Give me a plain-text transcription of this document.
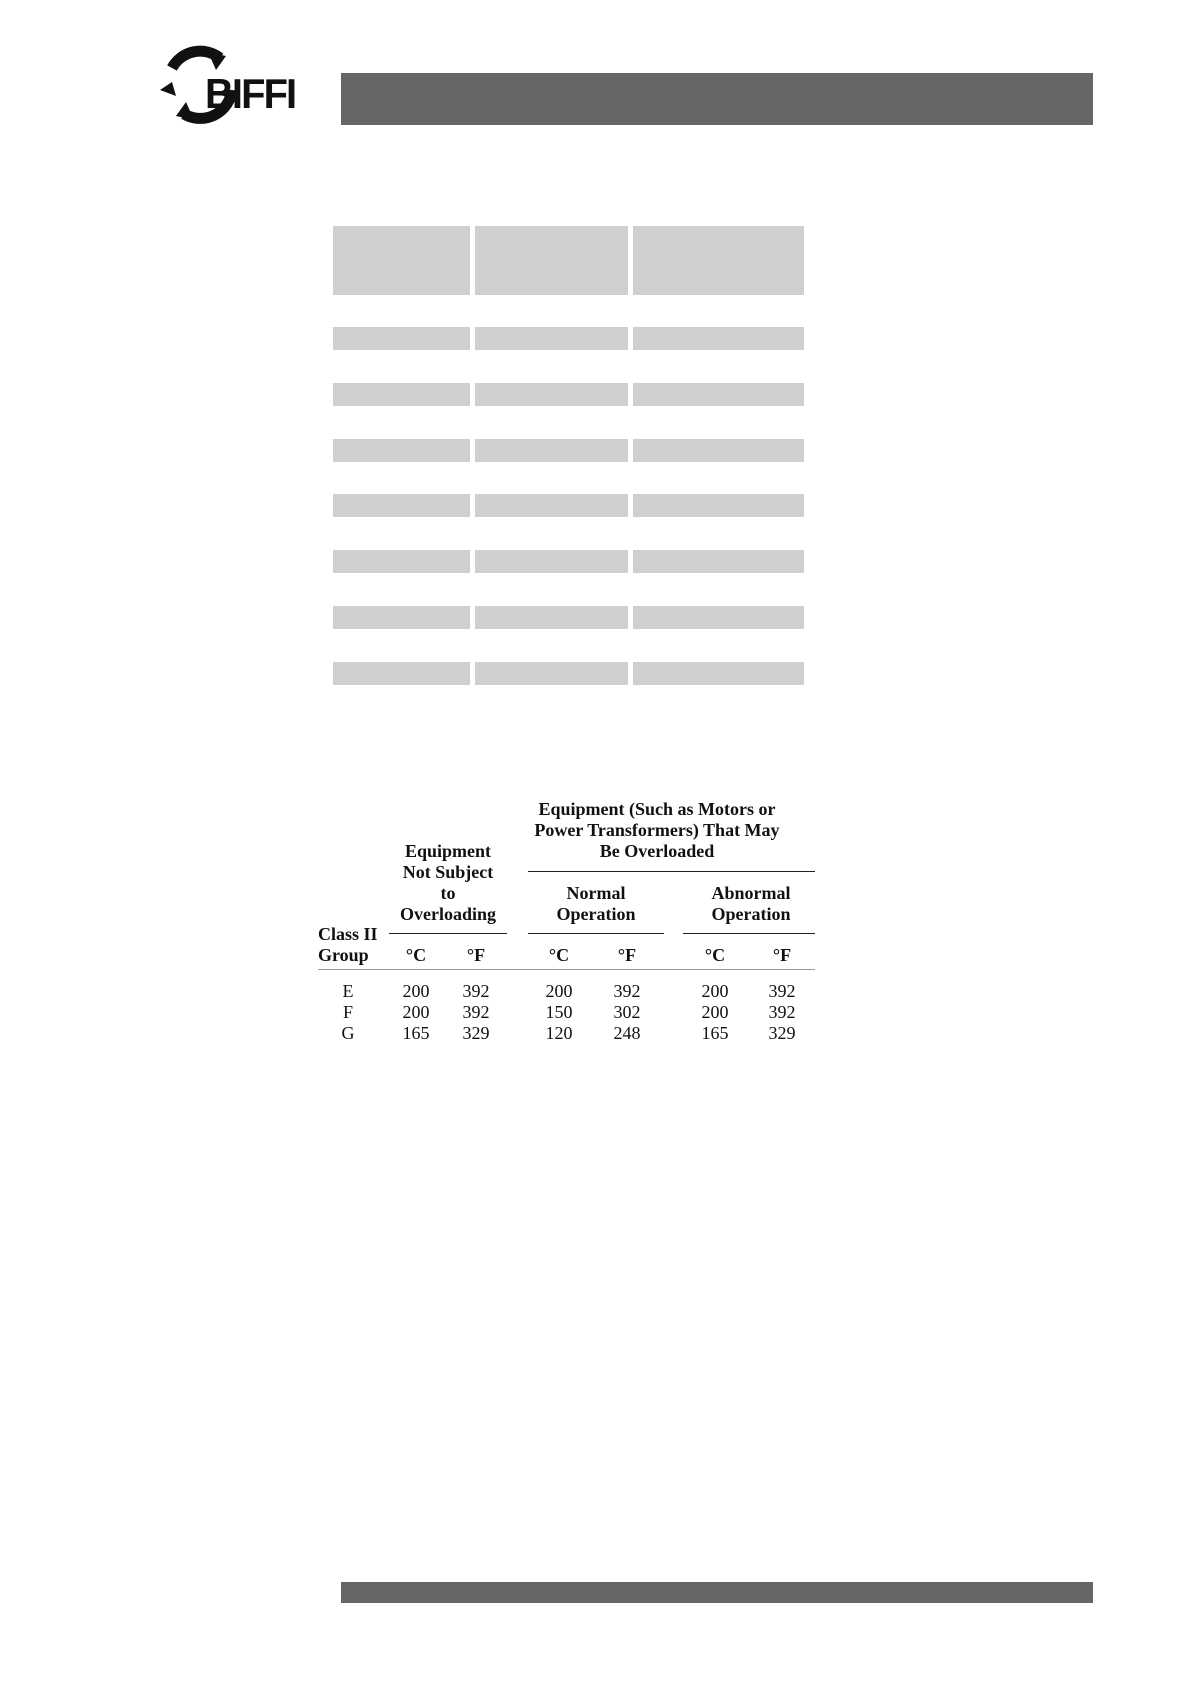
BIFFI
Equipment (Such as Motors or
Power Transformers) That May
Be Overloaded
Equipment
Not Subject
to
Overloading
Normal
Operation
Abnormal
Operation
Class II
Group	°C	°F	°C	°F	°C	°F
E	200	392	200	392	200	392
F	200	392	150	302	200	392
G	165	329	120	248	165	329
